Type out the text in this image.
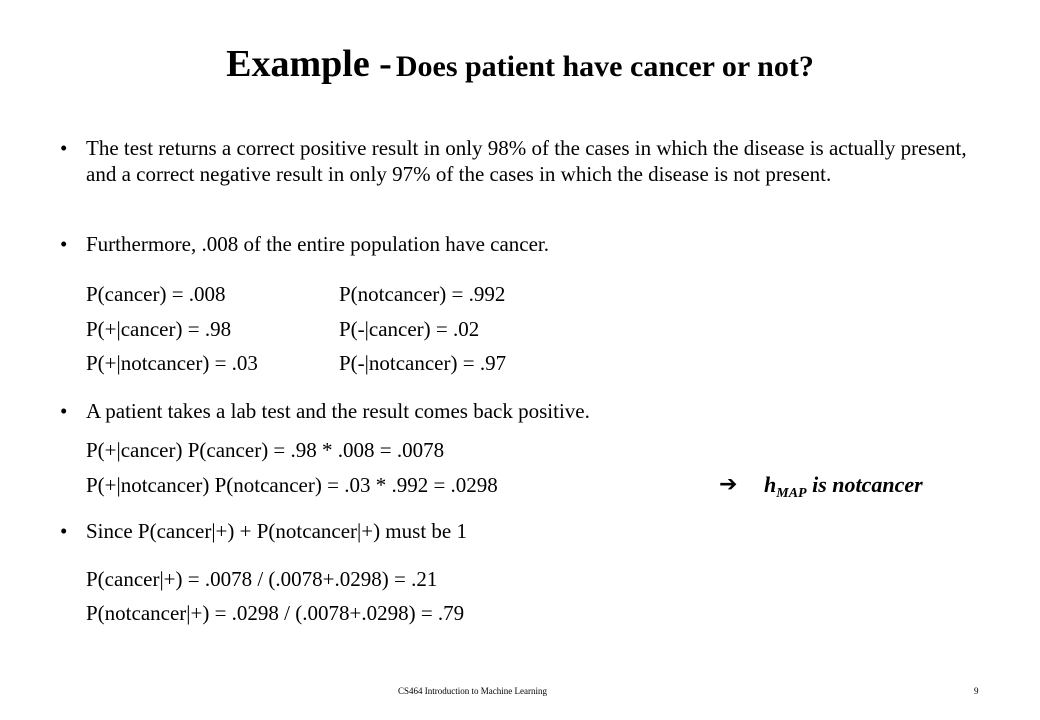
Example - Does patient have cancer or not?
• The test returns a correct positive result in only 98% of the cases in which the disease is actually present, and a correct negative result in only 97% of the cases in which the disease is not present.
• Furthermore, .008 of the entire population have cancer.
P(cancer) = .008	P(notcancer) = .992
P(+|cancer) = .98	P(-|cancer) = .02
P(+|notcancer) = .03	P(-|notcancer) = .97
• A patient takes a lab test and the result comes back positive.
P(+|cancer) P(cancer) = .98 * .008 = .0078
P(+|notcancer) P(notcancer) = .03 * .992 = .0298	➔ $h_{MAP}$ is notcancer
• Since P(cancer|+) + P(notcancer|+) must be 1
P(cancer|+) = .0078 / (.0078+.0298) = .21
P(notcancer|+) = .0298 / (.0078+.0298) = .79
CS464 Introduction to Machine Learning	9
